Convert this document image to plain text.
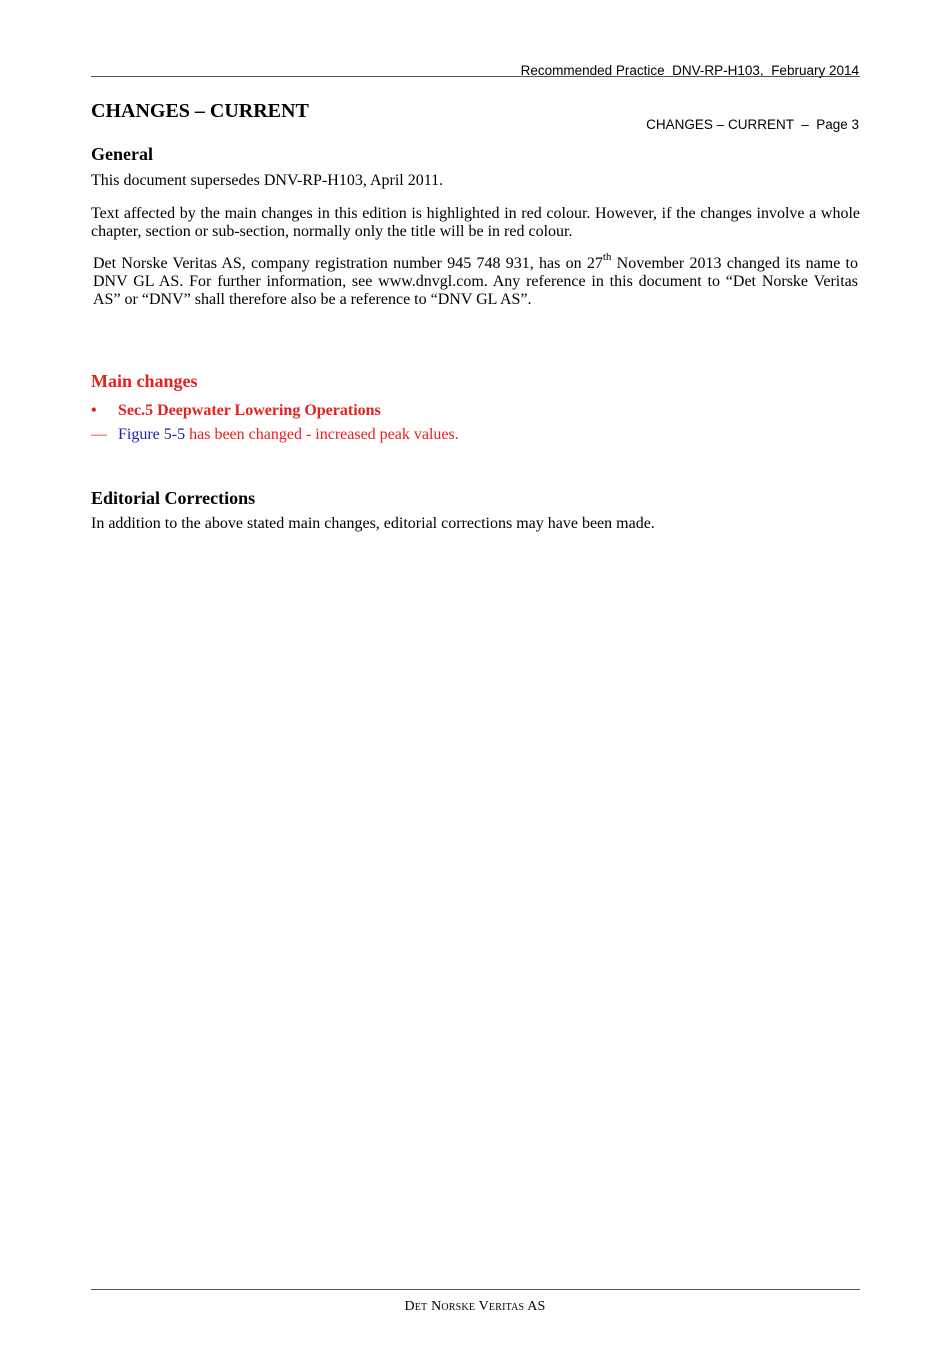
Recommended Practice  DNV-RP-H103,  February 2014

CHANGES – CURRENT  –  Page 3

CHANGES – CURRENT
General

This document supersedes DNV-RP-H103, April 2011.

Text affected by the main changes in this edition is highlighted in red colour. However, if the changes involve a whole chapter, section or sub-section, normally only the title will be in red colour.

Det Norske Veritas AS, company registration number 945 748 931, has on 27th November 2013 changed its name to DNV GL AS. For further information, see www.dnvgl.com. Any reference in this document to “Det Norske Veritas AS” or “DNV” shall therefore also be a reference to “DNV GL AS”.

Main changes
•	Sec.5 Deepwater Lowering Operations
— Figure 5-5 has been changed - increased peak values.
Editorial Corrections

In addition to the above stated main changes, editorial corrections may have been made.

Det Norske Veritas AS
